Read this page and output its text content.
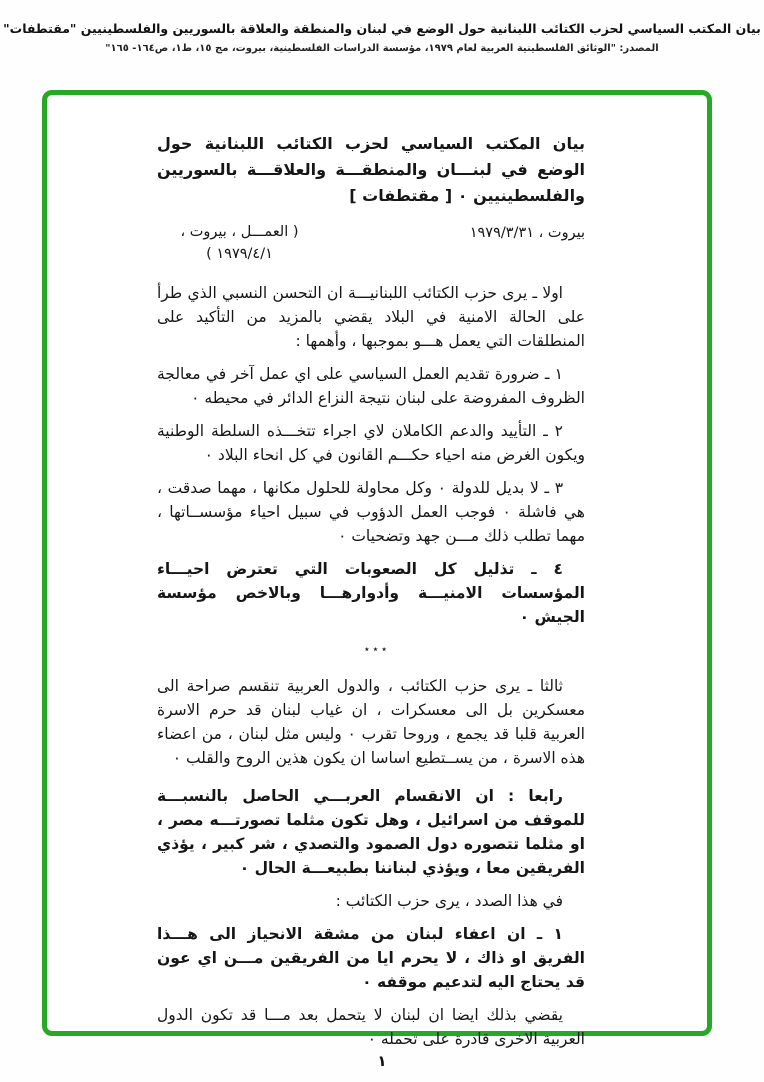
بيان المكتب السياسي لحزب الكتائب اللبنانية حول الوضع في لبنان والمنطقة والعلاقة بالسوريين والفلسطينيين "مقتطفات"
المصدر: "الوثائق الفلسطينية العربية لعام ١٩٧٩، مؤسسة الدراسات الفلسطينية، بيروت، مج ١٥، ط١، ص١٦٤- ١٦٥"
بيان المكتب السياسي لحزب الكتائب اللبنانية حول الوضع في لبنـــان والمنطقـــة والعلاقـــة بالسوريين والفلسطينيين ٠ [ مقتطفات ]
بيروت ، ١٩٧٩/٣/٣١
( العمـــل ، بيروت ، ١٩٧٩/٤/١ )

اولا ـ يرى حزب الكتائب اللبنانيـــة ان التحسن النسبي الذي طرأ على الحالة الامنية في البلاد يقضي بالمزيد من التأكيد على المنطلقات التي يعمل هـــو بموجبها ، وأهمها :

١ ـ ضرورة تقديم العمل السياسي على اي عمل آخر في معالجة الظروف المفروضة على لبنان نتيجة النزاع الدائر في محيطه ٠

٢ ـ التأييد والدعم الكاملان لاي اجراء تتخـــذه السلطة الوطنية ويكون الغرض منه احياء حكـــم القانون في كل انحاء البلاد ٠

٣ ـ لا بديل للدولة ٠ وكل محاولة للحلول مكانها ، مهما صدقت ، هي فاشلة ٠ فوجب العمل الدؤوب في سبيل احياء مؤسســاتها ، مهما تطلب ذلك مـــن جهد وتضحيات ٠

٤ ـ تذليل كل الصعوبات التي تعترض احيـــاء المؤسسات الامنيـــة وأدوارهـــا وبالاخص مؤسسة الجيش ٠

٭ ٭ ٭

ثالثا ـ يرى حزب الكتائب ، والدول العربية تنقسم صراحة الى معسكرين بل الى معسكرات ، ان غياب لبنان قد حرم الاسرة العربية قلبا قد يجمع ، وروحا تقرب ٠ وليس مثل لبنان ، من اعضاء هذه الاسرة ، من يســتطيع اساسا ان يكون هذين الروح والقلب ٠

رابعا : ان الانقسام العربـــي الحاصل بالنسبـــة للموقف من اسرائيل ، وهل تكون مثلما تصورتـــه مصر ، او مثلما تتصوره دول الصمود والتصدي ، شر كبير ، يؤذي الفريقين معا ، ويؤذي لبناننا بطبيعـــة الحال ٠

في هذا الصدد ، يرى حزب الكتائب :

١ ـ ان اعفاء لبنان من مشقة الانحياز الى هـــذا الفريق او ذاك ، لا يحرم ايا من الفريقين مـــن اي عون قد يحتاج اليه لتدعيم موقفه ٠

يقضي بذلك ايضا ان لبنان لا يتحمل بعد مـــا قد تكون الدول العربية الاخرى قادرة على تحمله ٠

١
